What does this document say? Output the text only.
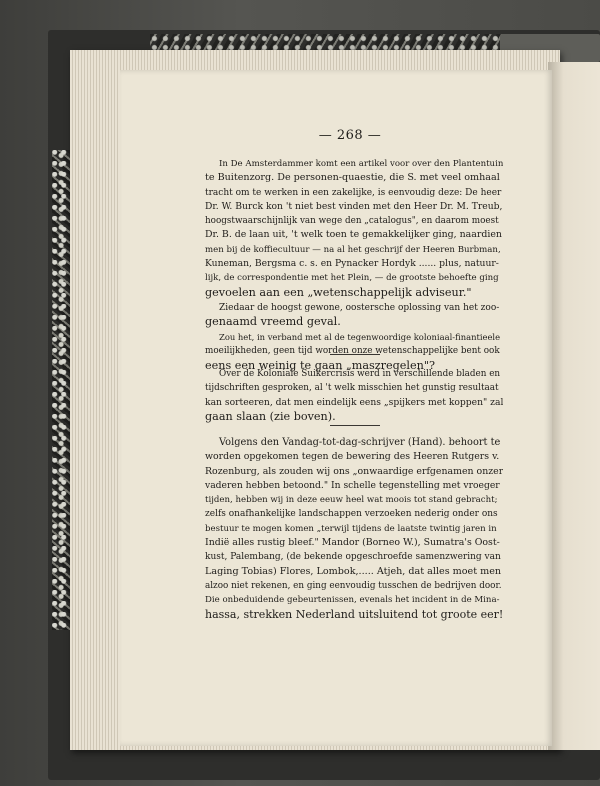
— 268 —
In De Amsterdammer komt een artikel voor over den Plantentuin
te Buitenzorg. De personen-quaestie, die S. met veel omhaal
tracht om te werken in een zakelijke, is eenvoudig deze: De heer
Dr. W. Burck kon 't niet best vinden met den Heer Dr. M. Treub,
hoogstwaarschijnlijk van wege den „catalogus", en daarom moest
Dr. B. de laan uit, 't welk toen te gemakkelijker ging, naardien
men bij de koffiecultuur — na al het geschrijf der Heeren Burbman,
Kuneman, Bergsma c. s. en Pynacker Hordyk ...... plus, natuur-
lijk, de correspondentie met het Plein, — de grootste behoefte ging
gevoelen aan een „wetenschappelijk adviseur."
Ziedaar de hoogst gewone, oostersche oplossing van het zoo-
genaamd vreemd geval.
Zou het, in verband met al de tegenwoordige koloniaal-finantieele
moeilijkheden, geen tijd worden onze wetenschappelijke bent ook
eens een weinig te gaan „maszregelen"?
Over de Koloniale Suikercrisis werd in verschillende bladen en
tijdschriften gesproken, al 't welk misschien het gunstig resultaat
kan sorteeren, dat men eindelijk eens „spijkers met koppen" zal
gaan slaan (zie boven).
Volgens den Vandag-tot-dag-schrijver (Hand). behoort te
worden opgekomen tegen de bewering des Heeren Rutgers v.
Rozenburg, als zouden wij ons „onwaardige erfgenamen onzer
vaderen hebben betoond." In schelle tegenstelling met vroeger
tijden, hebben wij in deze eeuw heel wat moois tot stand gebracht;
zelfs onafhankelijke landschappen verzoeken nederig onder ons
bestuur te mogen komen „terwijl tijdens de laatste twintig jaren in
Indië alles rustig bleef." Mandor (Borneo W.), Sumatra's Oost-
kust, Palembang, (de bekende opgeschroefde samenzwering van
Laging Tobias) Flores, Lombok,..... Atjeh, dat alles moet men
alzoo niet rekenen, en ging eenvoudig tusschen de bedrijven door.
Die onbeduidende gebeurtenissen, evenals het incident in de Mina-
hassa, strekken Nederland uitsluitend tot groote eer!
